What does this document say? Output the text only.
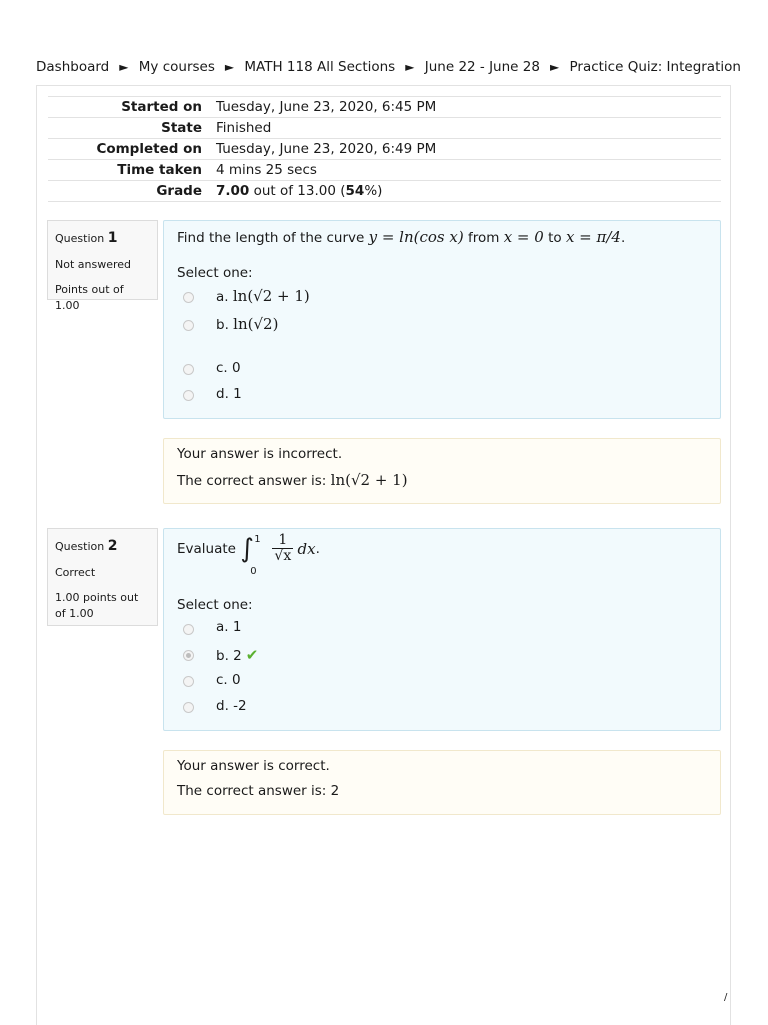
Dashboard ► My courses ► MATH 118 All Sections ► June 22 - June 28 ► Practice Quiz: Integration
Started on	Tuesday, June 23, 2020, 6:45 PM
State	Finished
Completed on	Tuesday, June 23, 2020, 6:49 PM
Time taken	4 mins 25 secs
Grade	7.00 out of 13.00 (54%)
Question 1
Not answered
Points out of 1.00
Find the length of the curve y = ln(cos x) from x = 0 to x = π/4.
Select one:
a. ln(√2 + 1)
b. ln(√2)
c. 0
d. 1
Your answer is incorrect.
The correct answer is: ln(√2 + 1)
Question 2
Correct
1.00 points out of 1.00
Evaluate ∫ 1
0

$\frac{1}{√x}$ dx.
Select one:
a. 1
b. 2 ✔
c. 0
d. -2
Your answer is correct.
The correct answer is: 2
/
